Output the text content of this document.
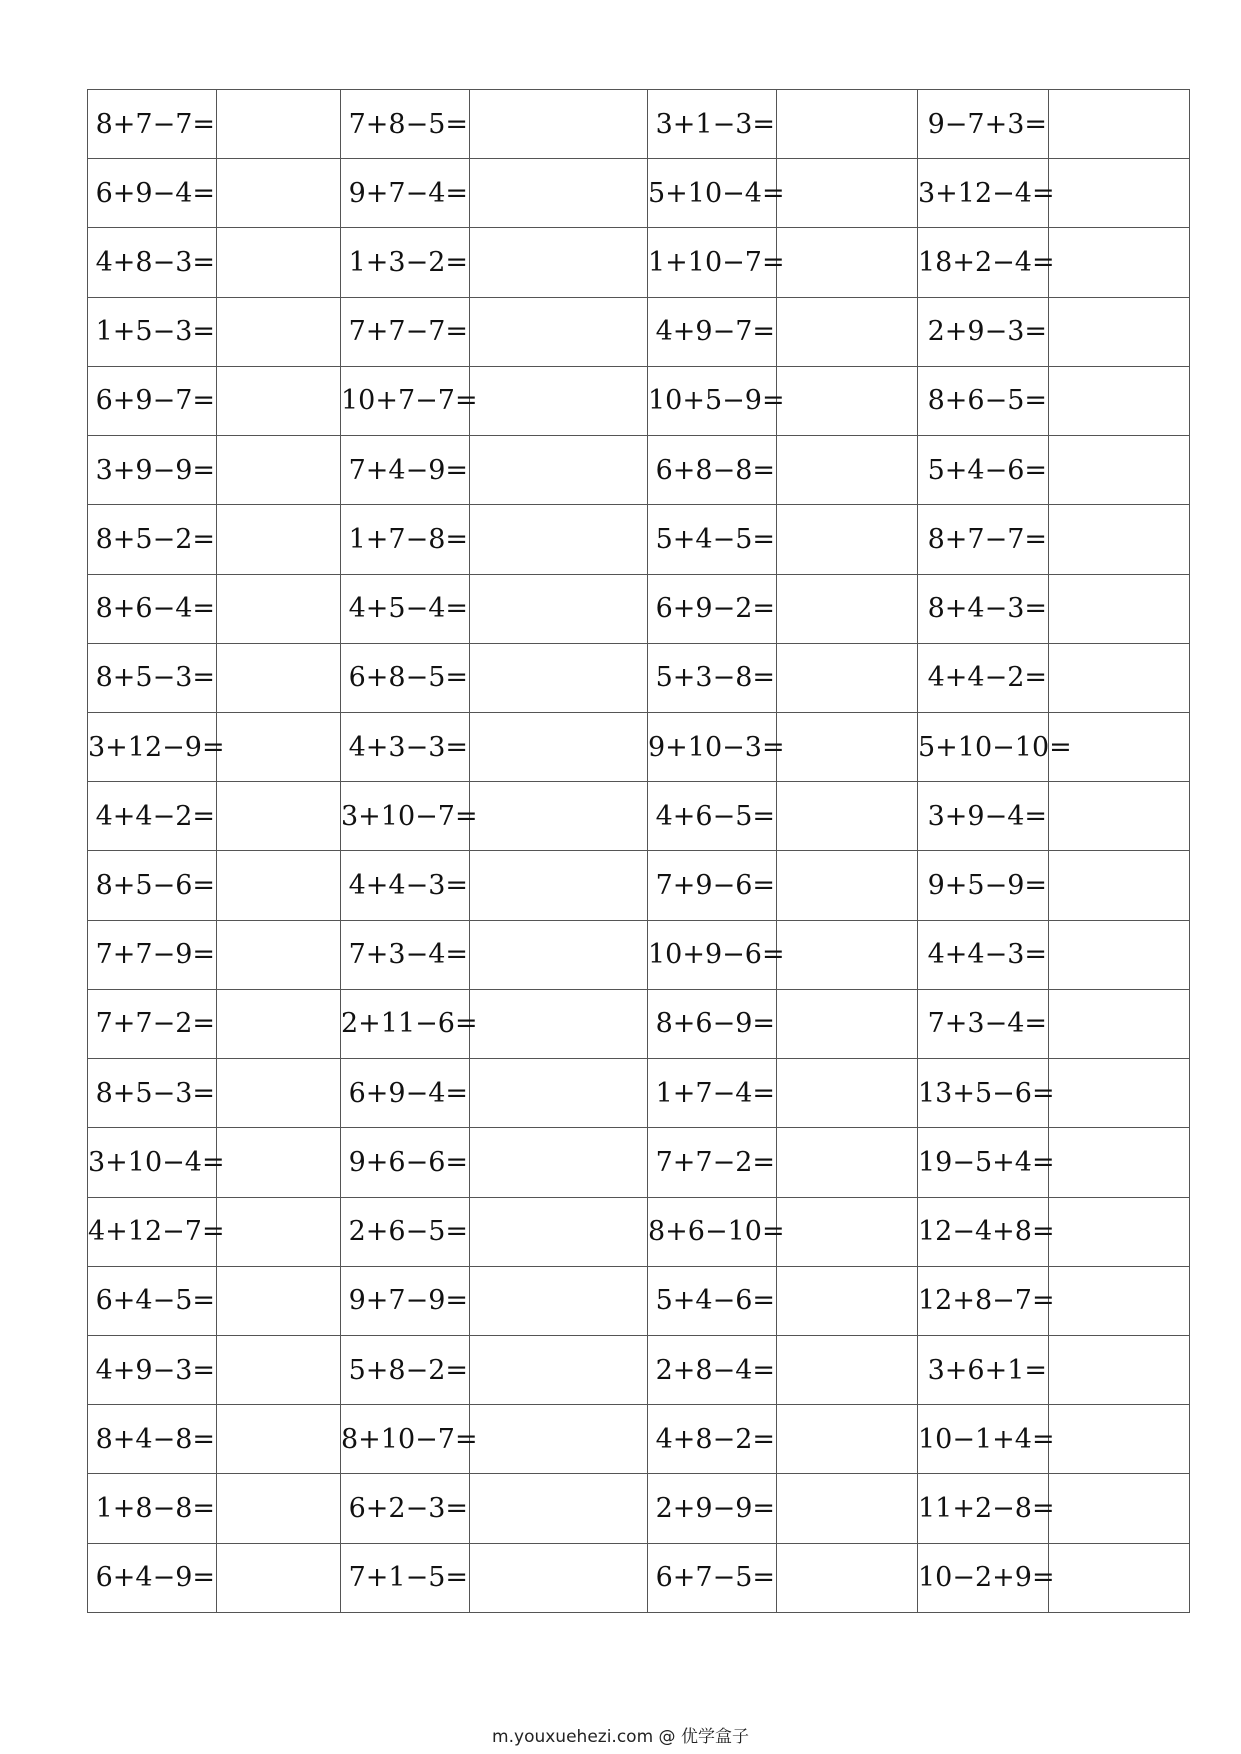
8+7−7=		7+8−5=		3+1−3=		9−7+3=	
6+9−4=		9+7−4=		5+10−4=		3+12−4=	
4+8−3=		1+3−2=		1+10−7=		18+2−4=	
1+5−3=		7+7−7=		4+9−7=		2+9−3=	
6+9−7=		10+7−7=		10+5−9=		8+6−5=	
3+9−9=		7+4−9=		6+8−8=		5+4−6=	
8+5−2=		1+7−8=		5+4−5=		8+7−7=	
8+6−4=		4+5−4=		6+9−2=		8+4−3=	
8+5−3=		6+8−5=		5+3−8=		4+4−2=	
3+12−9=		4+3−3=		9+10−3=		5+10−10=	
4+4−2=		3+10−7=		4+6−5=		3+9−4=	
8+5−6=		4+4−3=		7+9−6=		9+5−9=	
7+7−9=		7+3−4=		10+9−6=		4+4−3=	
7+7−2=		2+11−6=		8+6−9=		7+3−4=	
8+5−3=		6+9−4=		1+7−4=		13+5−6=	
3+10−4=		9+6−6=		7+7−2=		19−5+4=	
4+12−7=		2+6−5=		8+6−10=		12−4+8=	
6+4−5=		9+7−9=		5+4−6=		12+8−7=	
4+9−3=		5+8−2=		2+8−4=		3+6+1=	
8+4−8=		8+10−7=		4+8−2=		10−1+4=	
1+8−8=		6+2−3=		2+9−9=		11+2−8=	
6+4−9=		7+1−5=		6+7−5=		10−2+9=	
m.youxuehezi.com @ 优学盒子
